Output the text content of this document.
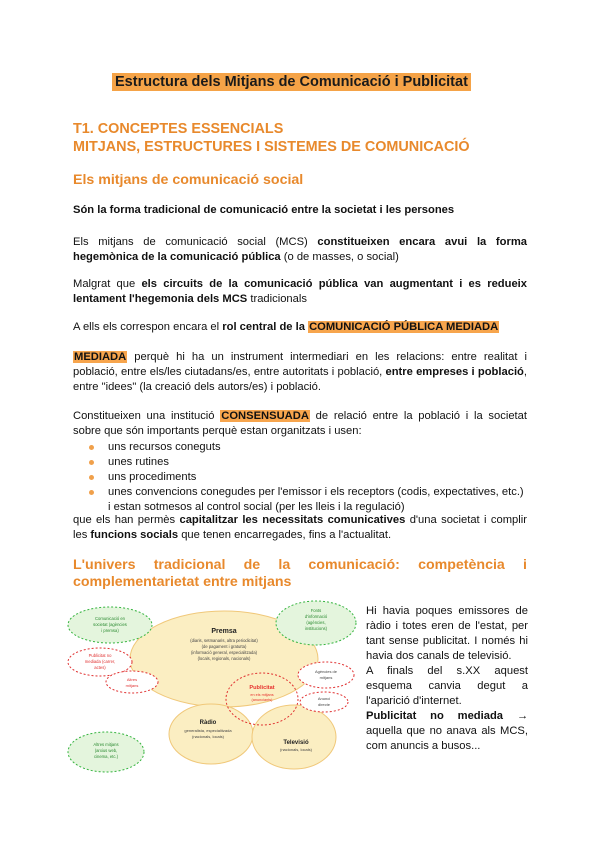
Estructura dels Mitjans de Comunicació i Publicitat
T1. CONCEPTES ESSENCIALS
MITJANS, ESTRUCTURES I SISTEMES DE COMUNICACIÓ
Els mitjans de comunicació social
Són la forma tradicional de comunicació entre la societat i les persones
Els mitjans de comunicació social (MCS) constitueixen encara avui la forma hegemònica de la comunicació pública (o de masses, o social)
Malgrat que els circuits de la comunicació pública van augmentant i es redueix lentament l'hegemonia dels MCS tradicionals
A ells els correspon encara el rol central de la COMUNICACIÓ PÚBLICA MEDIADA
MEDIADA perquè hi ha un instrument intermediari en les relacions: entre realitat i població, entre els/les ciutadans/es, entre autoritats i població, entre empreses i població, entre "idees" (la creació dels autors/es) i població.
Constitueixen una institució CONSENSUADA de relació entre la població i la societat sobre que són importants perquè estan organitzats i usen:
uns recursos coneguts
unes rutines
uns procediments
unes convencions conegudes per l'emissor i els receptors (codis, expectatives, etc.) i estan sotmesos al control social (per les lleis i la regulació)
que els han permès capitalitzar les necessitats comunicatives d'una societat i complir les funcions socials que tenen encarregades, fins a l'actualitat.
L'univers tradicional de la comunicació: competència i
complementarietat entre mitjans
Premsa
(diaris, setmanaris, altra periodicitat)
(de pagament i gratuïta)
(informació general, especialitzada)
(locals, regionals, nacionals)
Ràdio
generalista, especialitzada
(nacionals, locals)
Televisió
(nacionals, locals)
Publicitat
en els mitjans
(anunciants)
Comunicació en
societat (agències
i premsa)
Publicitat no
mediada (carrer,
actes)
Altres
mitjans
Altres mitjans
(arxius web,
cinema, etc.)
Fonts
d'informació
(agències,
institucions)
Agències de
mitjans
Anunci
directe
Hi havia poques emissores de ràdio i totes eren de l'estat, per tant sense publicitat. I només hi havia dos canals de televisió.
A finals del s.XX aquest esquema canvia degut a l'aparició d'internet.
Publicitat no mediada → aquella que no anava als MCS, com anuncis a busos...
